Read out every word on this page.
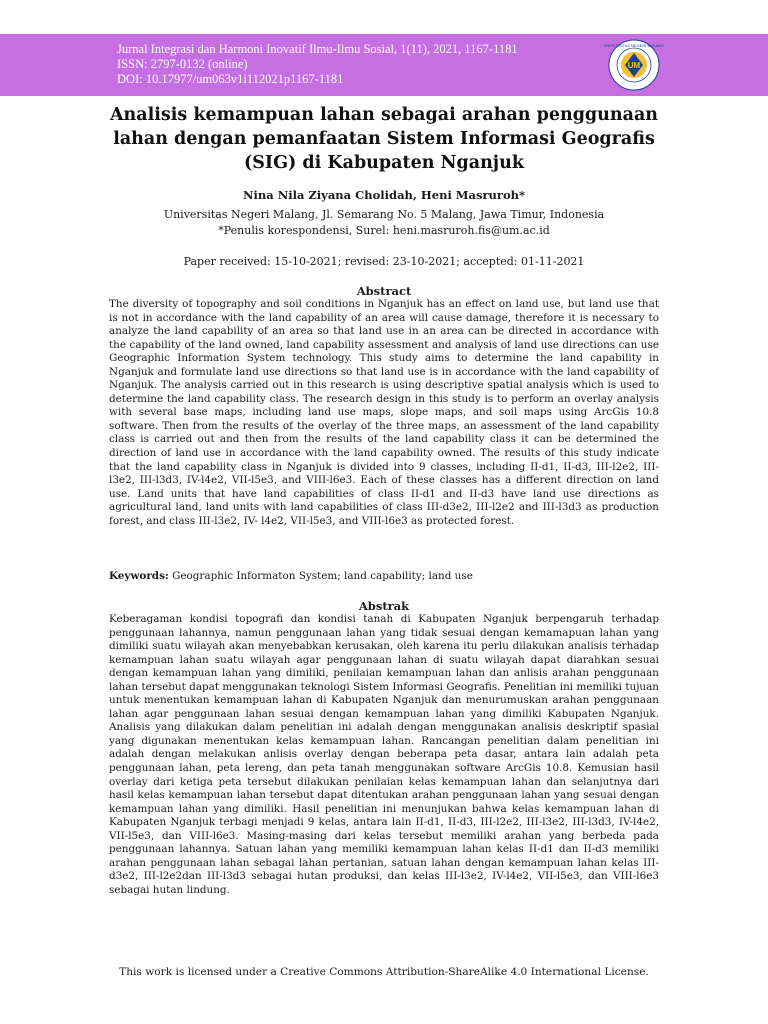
Jurnal Integrasi dan Harmoni Inovatif Ilmu-Ilmu Sosial, 1(11), 2021, 1167-1181
ISSN: 2797-0132 (online)
DOI: 10.17977/um063v1i112021p1167-1181
UM
UNIVERSITAS NEGERI MALANG
Analisis kemampuan lahan sebagai arahan penggunaan lahan dengan pemanfaatan Sistem Informasi Geografis (SIG) di Kabupaten Nganjuk
Nina Nila Ziyana Cholidah, Heni Masruroh*
Universitas Negeri Malang, Jl. Semarang No. 5 Malang, Jawa Timur, Indonesia
*Penulis korespondensi, Surel: heni.masruroh.fis@um.ac.id
Paper received: 15-10-2021; revised: 23-10-2021; accepted: 01-11-2021
Abstract
The diversity of topography and soil conditions in Nganjuk has an effect on land use, but land use that is not in accordance with the land capability of an area will cause damage, therefore it is necessary to analyze the land capability of an area so that land use in an area can be directed in accordance with the capability of the land owned, land capability assessment and analysis of land use directions can use Geographic Information System technology. This study aims to determine the land capability in Nganjuk and formulate land use directions so that land use is in accordance with the land capability of Nganjuk. The analysis carried out in this research is using descriptive spatial analysis which is used to determine the land capability class. The research design in this study is to perform an overlay analysis with several base maps, including land use maps, slope maps, and soil maps using ArcGis 10.8 software. Then from the results of the overlay of the three maps, an assessment of the land capability class is carried out and then from the results of the land capability class it can be determined the direction of land use in accordance with the land capability owned. The results of this study indicate that the land capability class in Nganjuk is divided into 9 classes, including II-d1, II-d3, III-l2e2, III-l3e2, III-l3d3, IV-l4e2, VII-l5e3, and VIII-l6e3. Each of these classes has a different direction on land use. Land units that have land capabilities of class II-d1 and II-d3 have land use directions as agricultural land, land units with land capabilities of class III-d3e2, III-l2e2 and III-l3d3 as production forest, and class III-l3e2, IV- l4e2, VII-l5e3, and VIII-l6e3 as protected forest.
Keywords: Geographic Informaton System; land capability; land use
Abstrak
Keberagaman kondisi topografi dan kondisi tanah di Kabupaten Nganjuk berpengaruh terhadap penggunaan lahannya, namun penggunaan lahan yang tidak sesuai dengan kemamapuan lahan yang dimiliki suatu wilayah akan menyebabkan kerusakan, oleh karena itu perlu dilakukan analisis terhadap kemampuan lahan suatu wilayah agar penggunaan lahan di suatu wilayah dapat diarahkan sesuai dengan kemampuan lahan yang dimiliki, penilaian kemampuan lahan dan anlisis arahan penggunaan lahan tersebut dapat menggunakan teknologi Sistem Informasi Geografis. Penelitian ini memiliki tujuan untuk menentukan kemampuan lahan di Kabupaten Nganjuk dan menurumuskan arahan penggunaan lahan agar penggunaan lahan sesuai dengan kemampuan lahan yang dimiliki Kabupaten Nganjuk. Analisis yang dilakukan dalam penelitian ini adalah dengan menggunakan analisis deskriptif spasial yang digunakan menentukan kelas kemampuan lahan. Rancangan penelitian dalam penelitian ini adalah dengan melakukan anlisis overlay dengan beberapa peta dasar, antara lain adalah peta penggunaan lahan, peta lereng, dan peta tanah menggunakan software ArcGis 10.8. Kemusian hasil overlay dari ketiga peta tersebut dilakukan penilaian kelas kemampuan lahan dan selanjutnya dari hasil kelas kemampuan lahan tersebut dapat ditentukan arahan penggunaan lahan yang sesuai dengan kemampuan lahan yang dimiliki. Hasil penelitian ini menunjukan bahwa kelas kemampuan lahan di Kabupaten Nganjuk terbagi menjadi 9 kelas, antara lain II-d1, II-d3, III-l2e2, III-l3e2, III-l3d3, IV-l4e2, VII-l5e3, dan VIII-l6e3. Masing-masing dari kelas tersebut memiliki arahan yang berbeda pada penggunaan lahannya. Satuan lahan yang memiliki kemampuan lahan kelas II-d1 dan II-d3 memiliki arahan penggunaan lahan sebagai lahan pertanian, satuan lahan dengan kemampuan lahan kelas III-d3e2, III-l2e2dan III-l3d3 sebagai hutan produksi, dan kelas III-l3e2, IV-l4e2, VII-l5e3, dan VIII-l6e3 sebagai hutan lindung.
This work is licensed under a Creative Commons Attribution-ShareAlike 4.0 International License.
